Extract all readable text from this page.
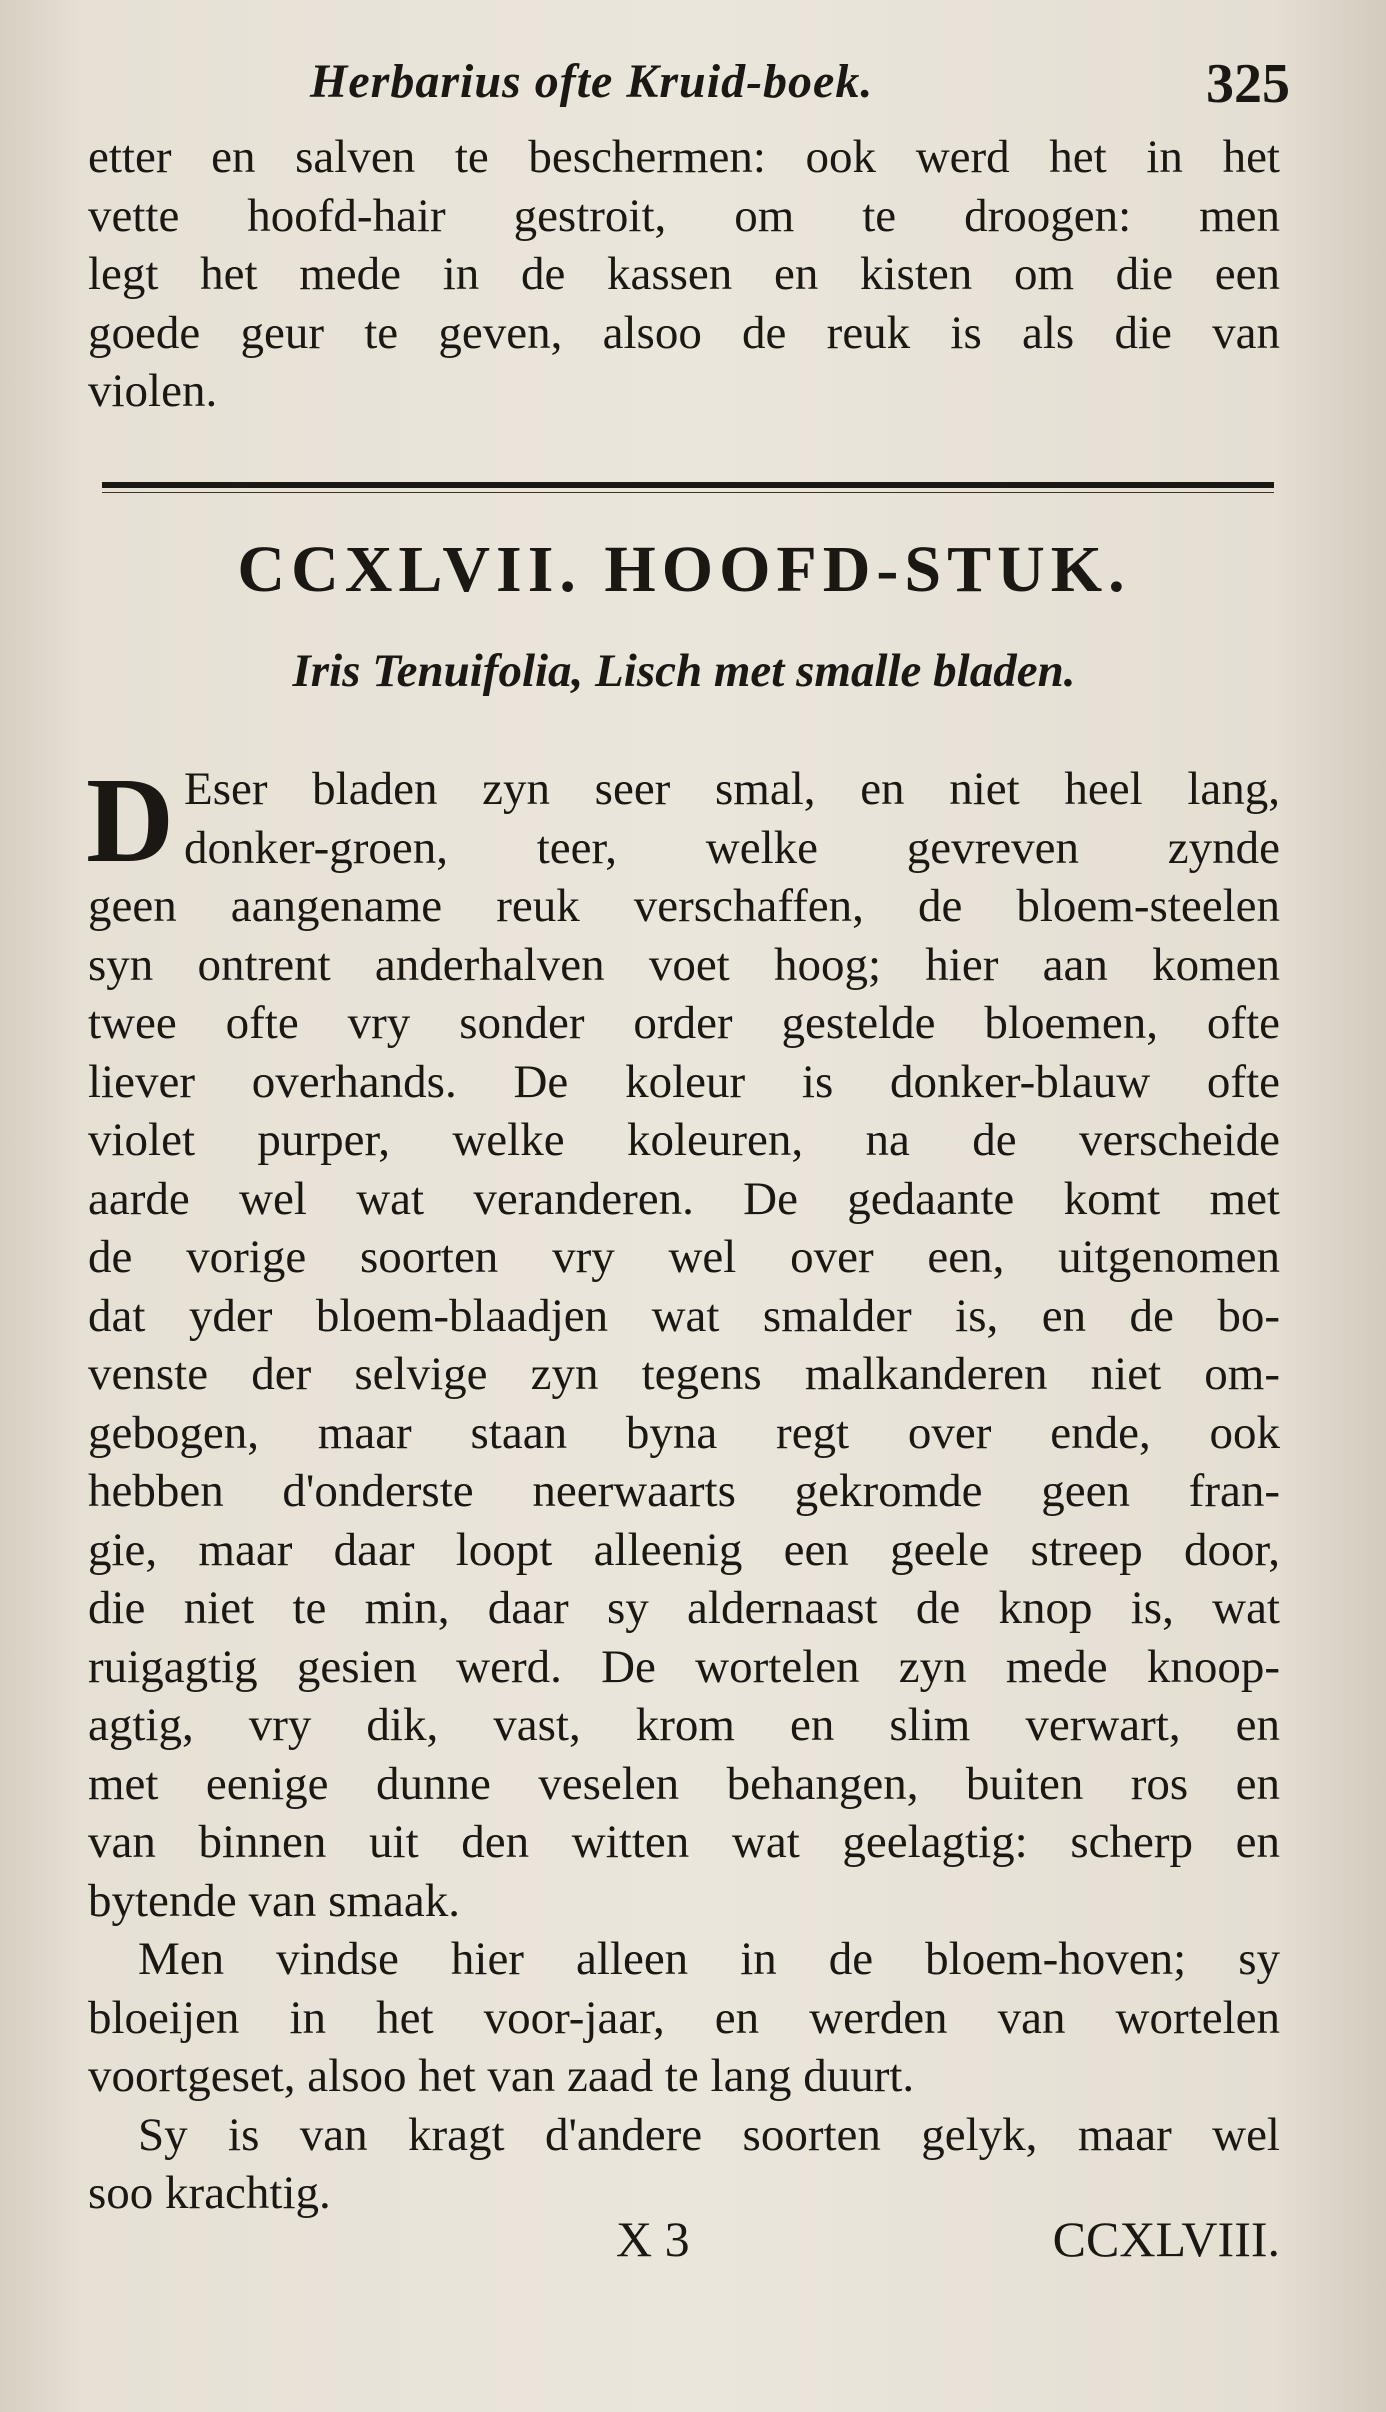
Herbarius ofte Kruid-boek.	325
etter en salven te beschermen: ook werd het in het
vette hoofd-hair gestroit, om te droogen: men
legt het mede in de kassen en kisten om die een
goede geur te geven, alsoo de reuk is als die van
violen.
CCXLVII. HOOFD-STUK.
Iris Tenuifolia, Lisch met smalle bladen.
D Eser bladen zyn seer smal, en niet heel lang,
donker-groen, teer, welke gevreven zynde
geen aangename reuk verschaffen, de bloem-steelen
syn ontrent anderhalven voet hoog; hier aan komen
twee ofte vry sonder order gestelde bloemen, ofte
liever overhands. De koleur is donker-blauw ofte
violet purper, welke koleuren, na de verscheide
aarde wel wat veranderen. De gedaante komt met
de vorige soorten vry wel over een, uitgenomen
dat yder bloem-blaadjen wat smalder is, en de bo-
venste der selvige zyn tegens malkanderen niet om-
gebogen, maar staan byna regt over ende, ook
hebben d'onderste neerwaarts gekromde geen fran-
gie, maar daar loopt alleenig een geele streep door,
die niet te min, daar sy aldernaast de knop is, wat
ruigagtig gesien werd. De wortelen zyn mede knoop-
agtig, vry dik, vast, krom en slim verwart, en
met eenige dunne veselen behangen, buiten ros en
van binnen uit den witten wat geelagtig: scherp en
bytende van smaak.
Men vindse hier alleen in de bloem-hoven; sy
bloeijen in het voor-jaar, en werden van wortelen
voortgeset, alsoo het van zaad te lang duurt.
Sy is van kragt d'andere soorten gelyk, maar wel
soo krachtig.
X 3	CCXLVIII.
